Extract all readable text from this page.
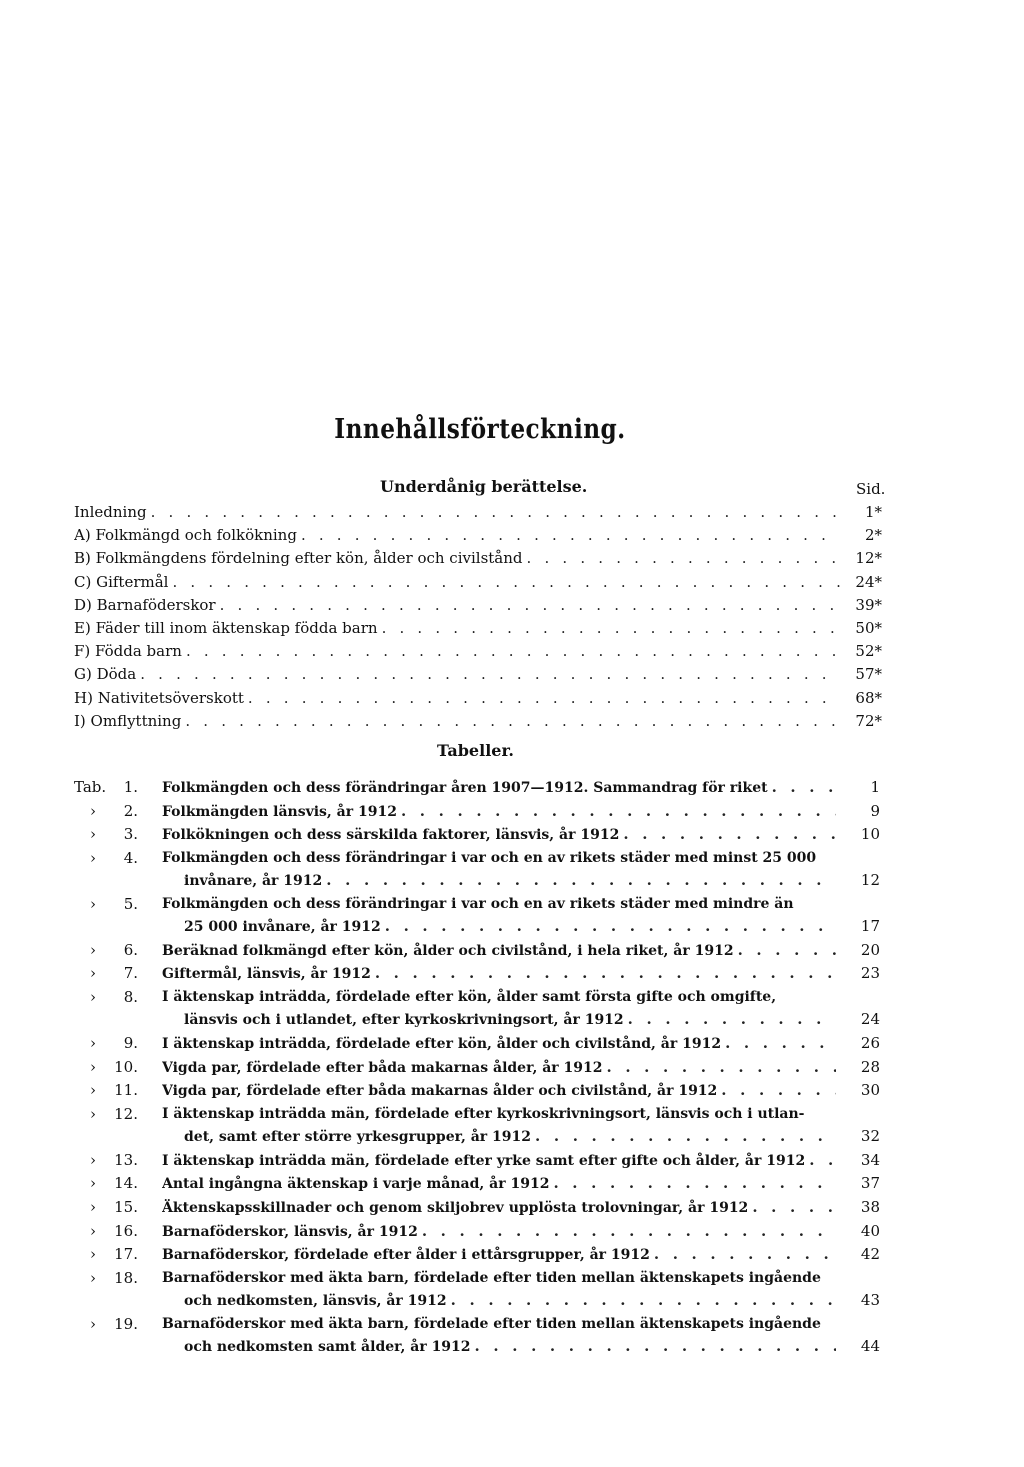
Innehållsförteckning.
Underdånig berättelse.	Sid.
Inledning . . .	1*
A) Folkmängd och folkökning . . .	2*
B) Folkmängdens fördelning efter kön, ålder och civilstånd . . .	12*
C) Giftermål . . .	24*
D) Barnaföderskor . . .	39*
E) Fäder till inom äktenskap födda barn . . .	50*
F) Födda barn . . .	52*
G) Döda . . .	57*
H) Nativitetsöverskott . . .	68*
I) Omflyttning . . .	72*
Tabeller.
Tab.	1. Folkmängden och dess förändringar åren 1907—1912. Sammandrag för riket . . .	1
›	2. Folkmängden länsvis, år 1912 . . .	9
›	3. Folkökningen och dess särskilda faktorer, länsvis, år 1912 . . .	10
›	4. Folkmängden och dess förändringar i var och en av rikets städer med minst 25 000
invånare, år 1912 . . .	12
›	5. Folkmängden och dess förändringar i var och en av rikets städer med mindre än
25 000 invånare, år 1912 . . .	17
›	6. Beräknad folkmängd efter kön, ålder och civilstånd, i hela riket, år 1912 . . .	20
›	7. Giftermål, länsvis, år 1912 . . .	23
›	8. I äktenskap inträdda, fördelade efter kön, ålder samt första gifte och omgifte,
länsvis och i utlandet, efter kyrkoskrivningsort, år 1912 . . .	24
›	9. I äktenskap inträdda, fördelade efter kön, ålder och civilstånd, år 1912 . . .	26
›	10. Vigda par, fördelade efter båda makarnas ålder, år 1912 . . .	28
›	11. Vigda par, fördelade efter båda makarnas ålder och civilstånd, år 1912 . . .	30
›	12. I äktenskap inträdda män, fördelade efter kyrkoskrivningsort, länsvis och i utlan-
det, samt efter större yrkesgrupper, år 1912 . . .	32
›	13. I äktenskap inträdda män, fördelade efter yrke samt efter gifte och ålder, år 1912 . . .	34
›	14. Antal ingångna äktenskap i varje månad, år 1912 . . .	37
›	15. Äktenskapsskillnader och genom skiljobrev upplösta trolovningar, år 1912 . . .	38
›	16. Barnaföderskor, länsvis, år 1912 . . .	40
›	17. Barnaföderskor, fördelade efter ålder i ettårsgrupper, år 1912 . . .	42
›	18. Barnaföderskor med äkta barn, fördelade efter tiden mellan äktenskapets ingående
och nedkomsten, länsvis, år 1912 . . .	43
›	19. Barnaföderskor med äkta barn, fördelade efter tiden mellan äktenskapets ingående
och nedkomsten samt ålder, år 1912 . . .	44
